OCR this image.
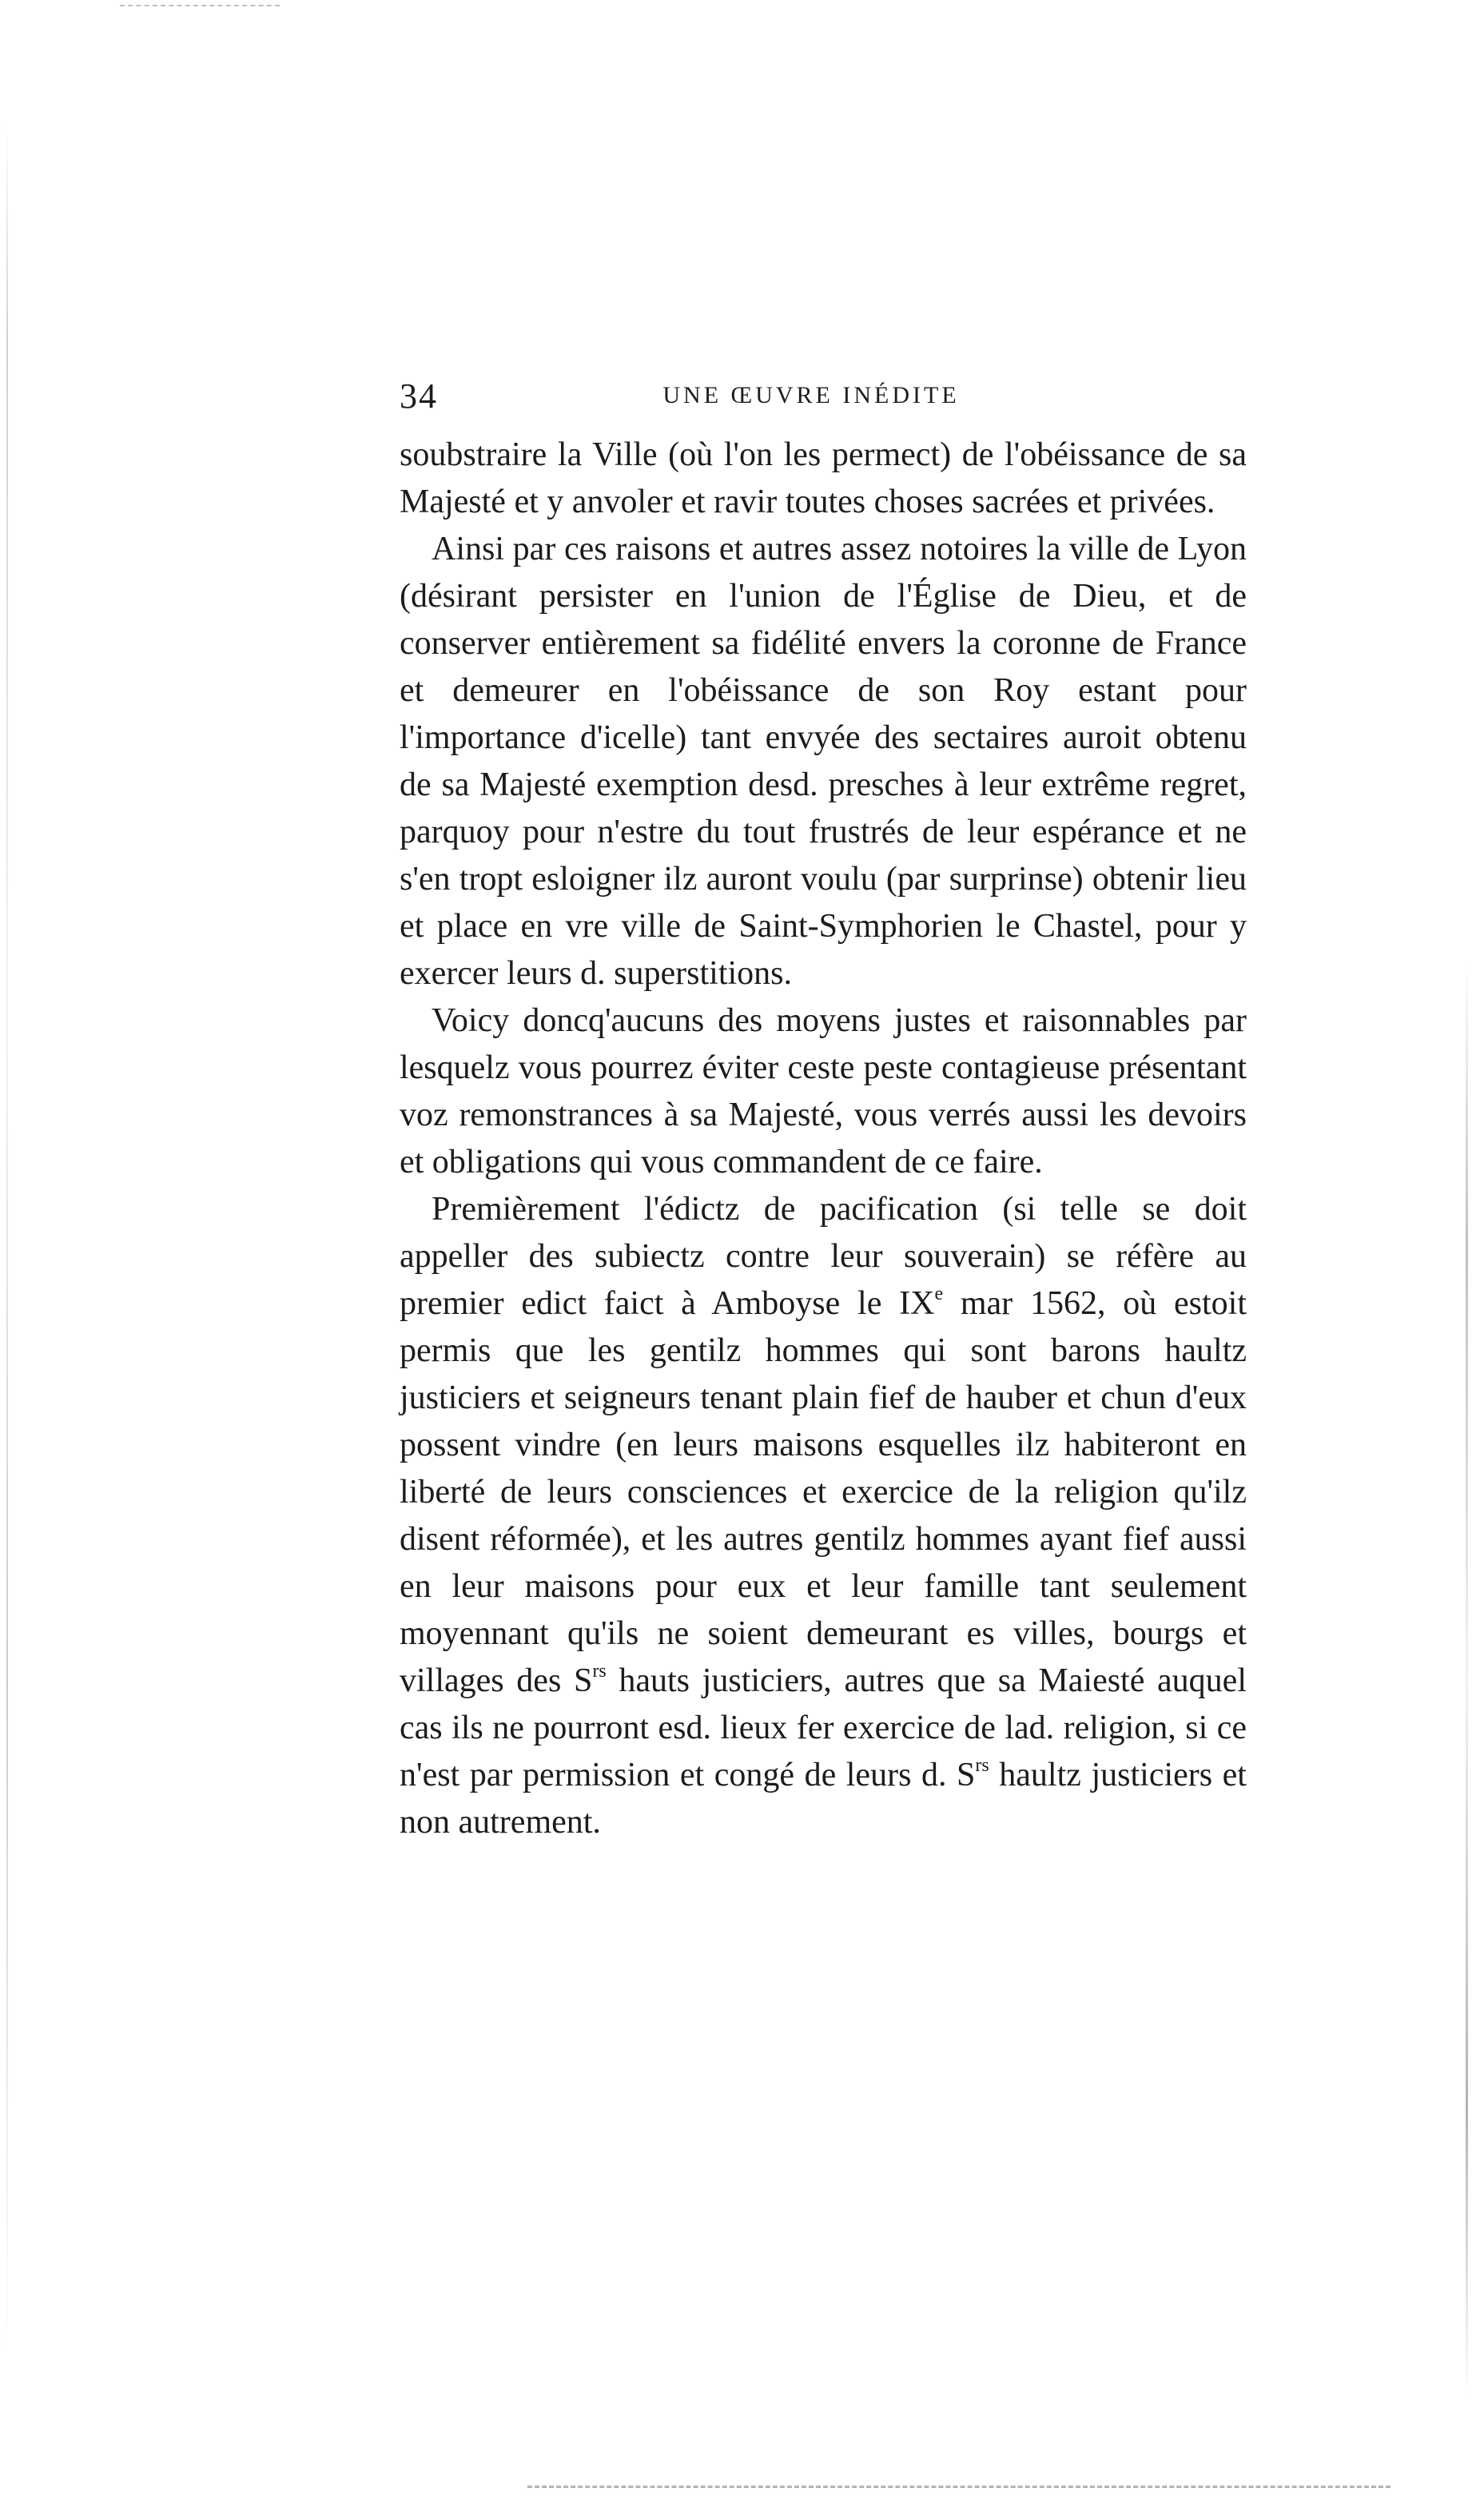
34	UNE ŒUVRE INÉDITE

soubstraire la Ville (où l'on les permect) de l'obéissance de sa Majesté et y anvoler et ravir toutes choses sacrées et privées.

Ainsi par ces raisons et autres assez notoires la ville de Lyon (désirant persister en l'union de l'Église de Dieu, et de conserver entièrement sa fidélité envers la coronne de France et demeurer en l'obéissance de son Roy estant pour l'importance d'icelle) tant envyée des sectaires auroit obtenu de sa Majesté exemption desd. presches à leur extrême regret, parquoy pour n'estre du tout frustrés de leur espérance et ne s'en tropt esloigner ilz auront voulu (par surprinse) obtenir lieu et place en vre ville de Saint-Symphorien le Chastel, pour y exercer leurs d. superstitions.

Voicy doncq'aucuns des moyens justes et raisonnables par lesquelz vous pourrez éviter ceste peste contagieuse présentant voz remonstrances à sa Majesté, vous verrés aussi les devoirs et obligations qui vous commandent de ce faire.

Premièrement l'édictz de pacification (si telle se doit appeller des subiectz contre leur souverain) se réfère au premier edict faict à Amboyse le IXe mar 1562, où estoit permis que les gentilz hommes qui sont barons haultz justiciers et seigneurs tenant plain fief de hauber et chun d'eux possent vindre (en leurs maisons esquelles ilz habiteront en liberté de leurs consciences et exercice de la religion qu'ilz disent réformée), et les autres gentilz hommes ayant fief aussi en leur maisons pour eux et leur famille tant seulement moyennant qu'ils ne soient demeurant es villes, bourgs et villages des $S^{rs}$ hauts justiciers, autres que sa Maiesté auquel cas ils ne pourront esd. lieux fer exercice de lad. religion, si ce n'est par permission et congé de leurs d. $S^{rs}$ haultz justiciers et non autrement.
